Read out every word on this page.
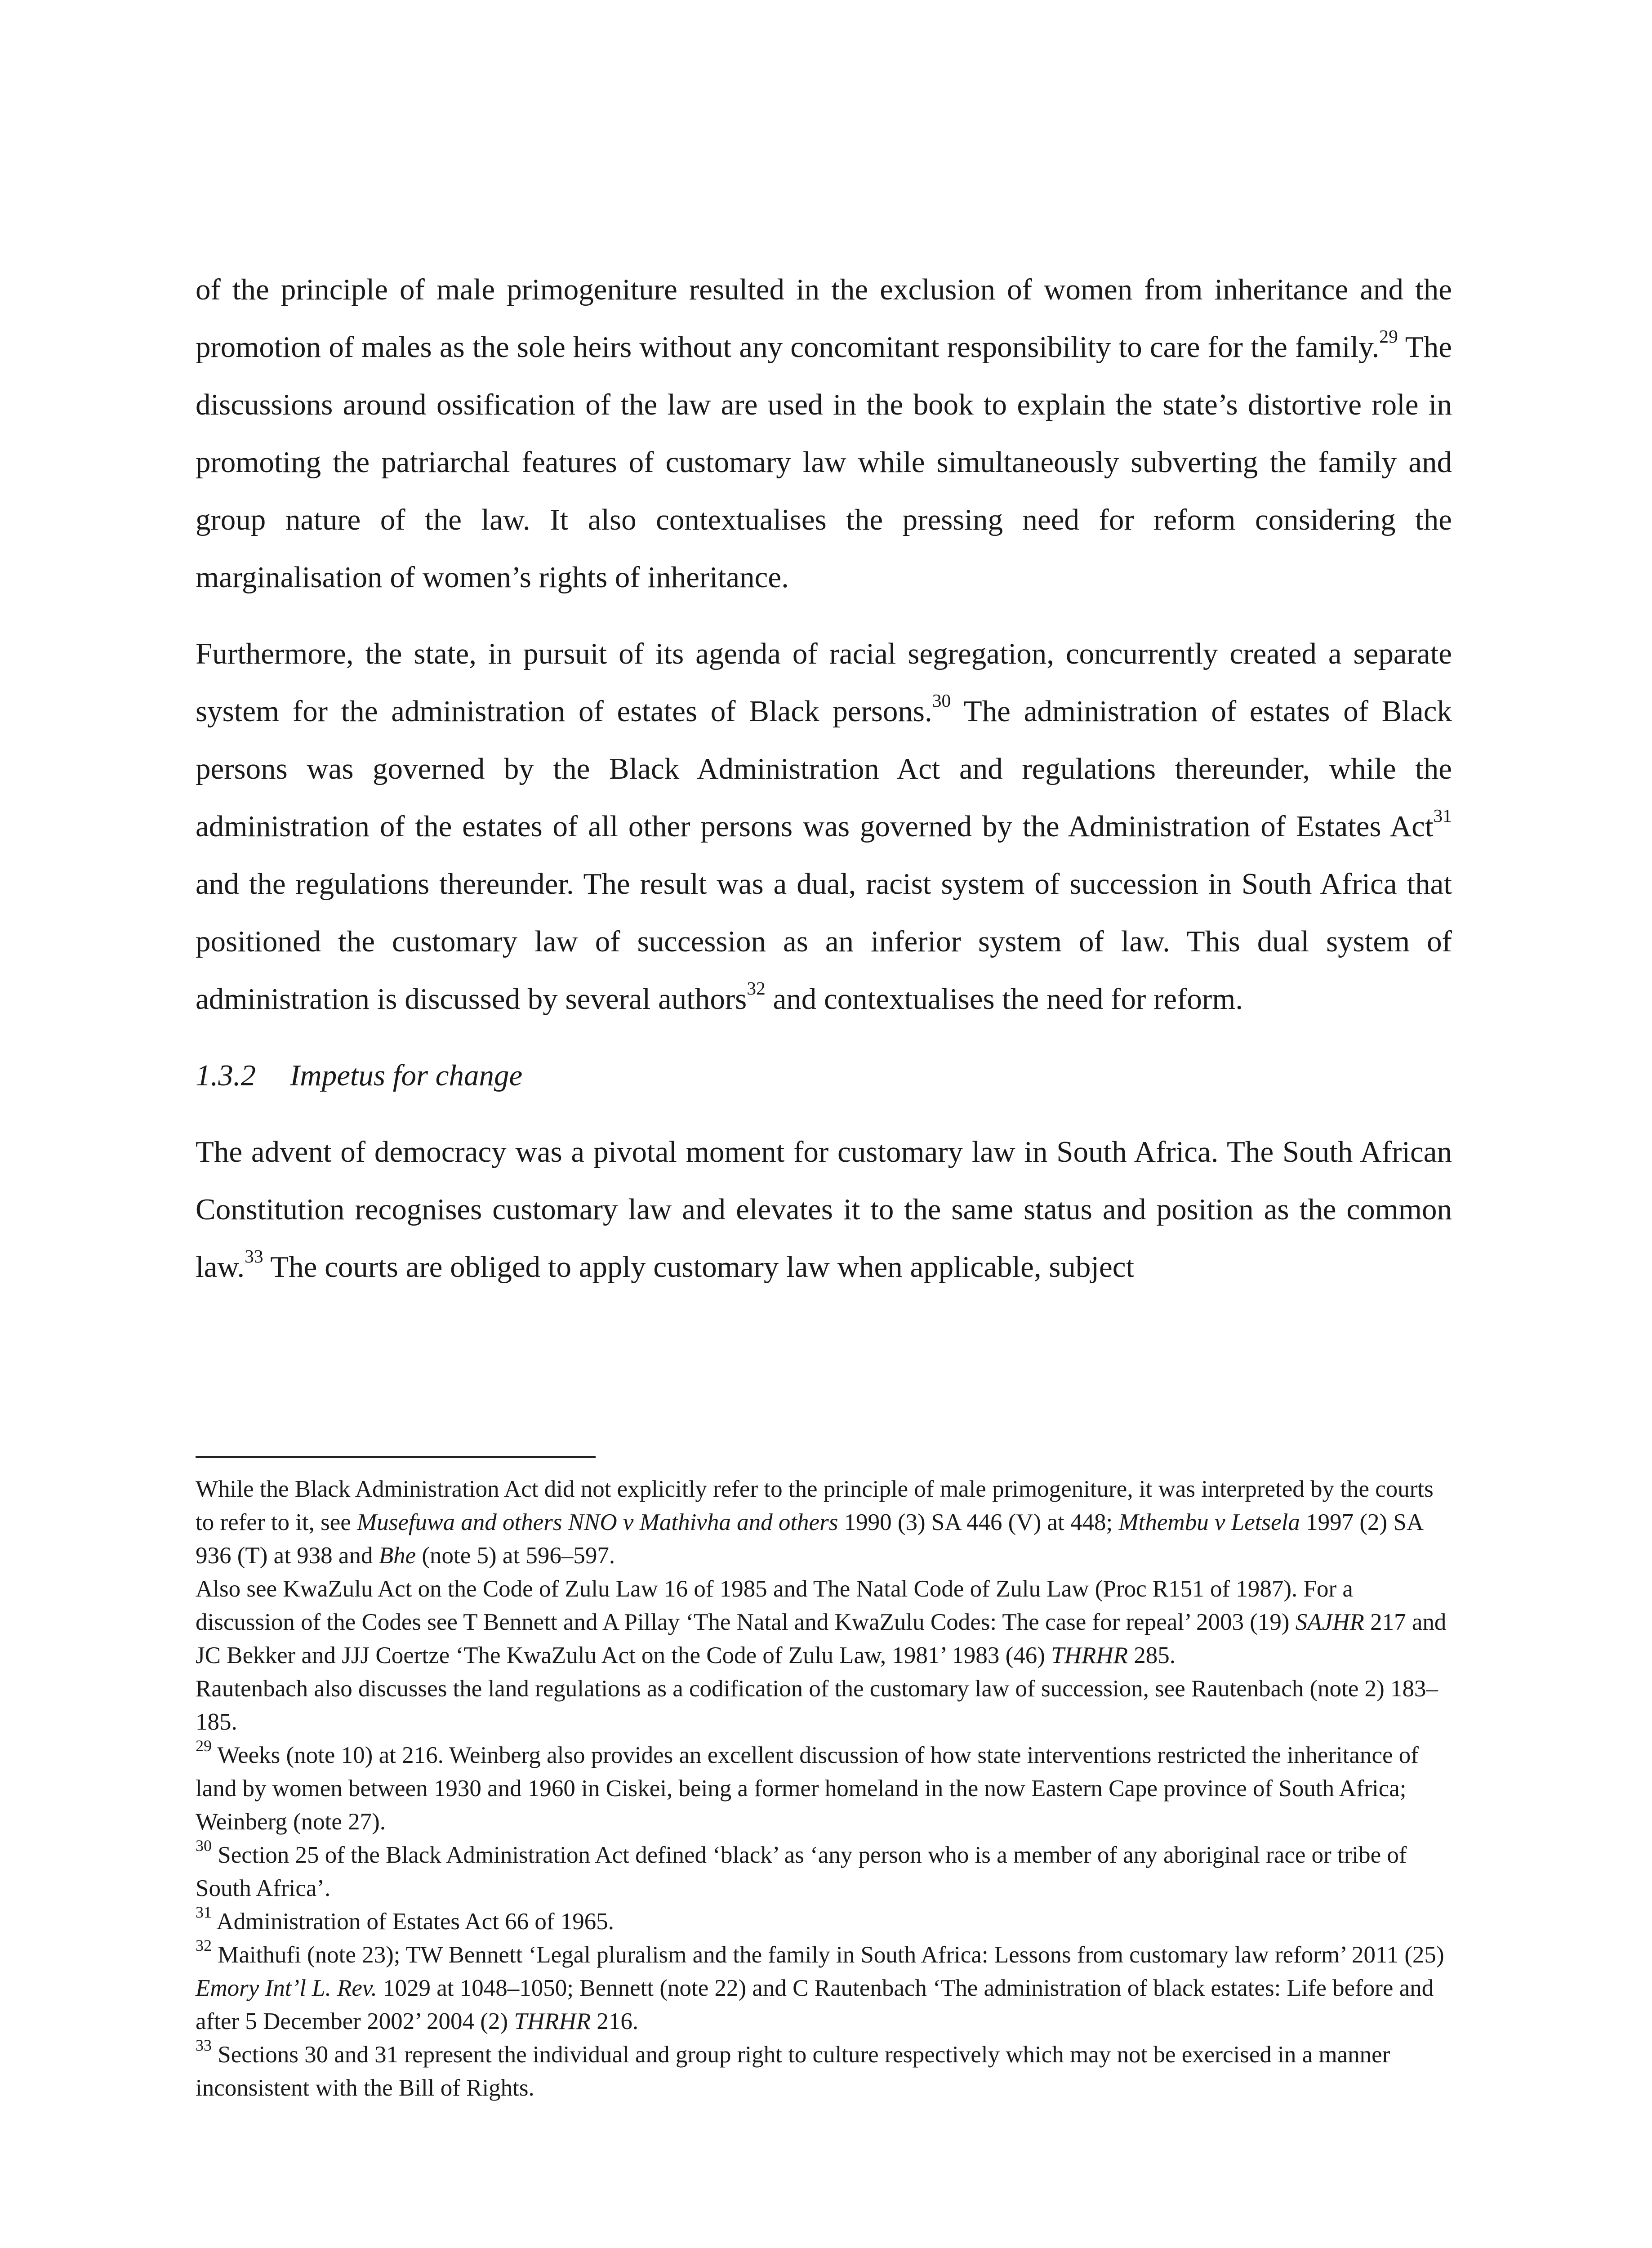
of the principle of male primogeniture resulted in the exclusion of women from inheritance and the promotion of males as the sole heirs without any concomitant responsibility to care for the family.$^{29}$ The discussions around ossification of the law are used in the book to explain the state’s distortive role in promoting the patriarchal features of customary law while simultaneously subverting the family and group nature of the law. It also contextualises the pressing need for reform considering the marginalisation of women’s rights of inheritance.

Furthermore, the state, in pursuit of its agenda of racial segregation, concurrently created a separate system for the administration of estates of Black persons.$^{30}$ The administration of estates of Black persons was governed by the Black Administration Act and regulations thereunder, while the administration of the estates of all other persons was governed by the Administration of Estates Act$^{31}$ and the regulations thereunder. The result was a dual, racist system of succession in South Africa that positioned the customary law of succession as an inferior system of law. This dual system of administration is discussed by several authors$^{32}$ and contextualises the need for reform.

1.3.2 Impetus for change

The advent of democracy was a pivotal moment for customary law in South Africa. The South African Constitution recognises customary law and elevates it to the same status and position as the common law.$^{33}$ The courts are obliged to apply customary law when applicable, subject

While the Black Administration Act did not explicitly refer to the principle of male primogeniture, it was interpreted by the courts to refer to it, see Musefuwa and others NNO v Mathivha and others 1990 (3) SA 446 (V) at 448; Mthembu v Letsela 1997 (2) SA 936 (T) at 938 and Bhe (note 5) at 596–597.

Also see KwaZulu Act on the Code of Zulu Law 16 of 1985 and The Natal Code of Zulu Law (Proc R151 of 1987). For a discussion of the Codes see T Bennett and A Pillay ‘The Natal and KwaZulu Codes: The case for repeal’ 2003 (19) SAJHR 217 and JC Bekker and JJJ Coertze ‘The KwaZulu Act on the Code of Zulu Law, 1981’ 1983 (46) THRHR 285.

Rautenbach also discusses the land regulations as a codification of the customary law of succession, see Rautenbach (note 2) 183–185.

$^{29}$ Weeks (note 10) at 216. Weinberg also provides an excellent discussion of how state interventions restricted the inheritance of land by women between 1930 and 1960 in Ciskei, being a former homeland in the now Eastern Cape province of South Africa; Weinberg (note 27).

$^{30}$ Section 25 of the Black Administration Act defined ‘black’ as ‘any person who is a member of any aboriginal race or tribe of South Africa’.

$^{31}$ Administration of Estates Act 66 of 1965.

$^{32}$ Maithufi (note 23); TW Bennett ‘Legal pluralism and the family in South Africa: Lessons from customary law reform’ 2011 (25) Emory Int’l L. Rev. 1029 at 1048–1050; Bennett (note 22) and C Rautenbach ‘The administration of black estates: Life before and after 5 December 2002’ 2004 (2) THRHR 216.

$^{33}$ Sections 30 and 31 represent the individual and group right to culture respectively which may not be exercised in a manner inconsistent with the Bill of Rights.
